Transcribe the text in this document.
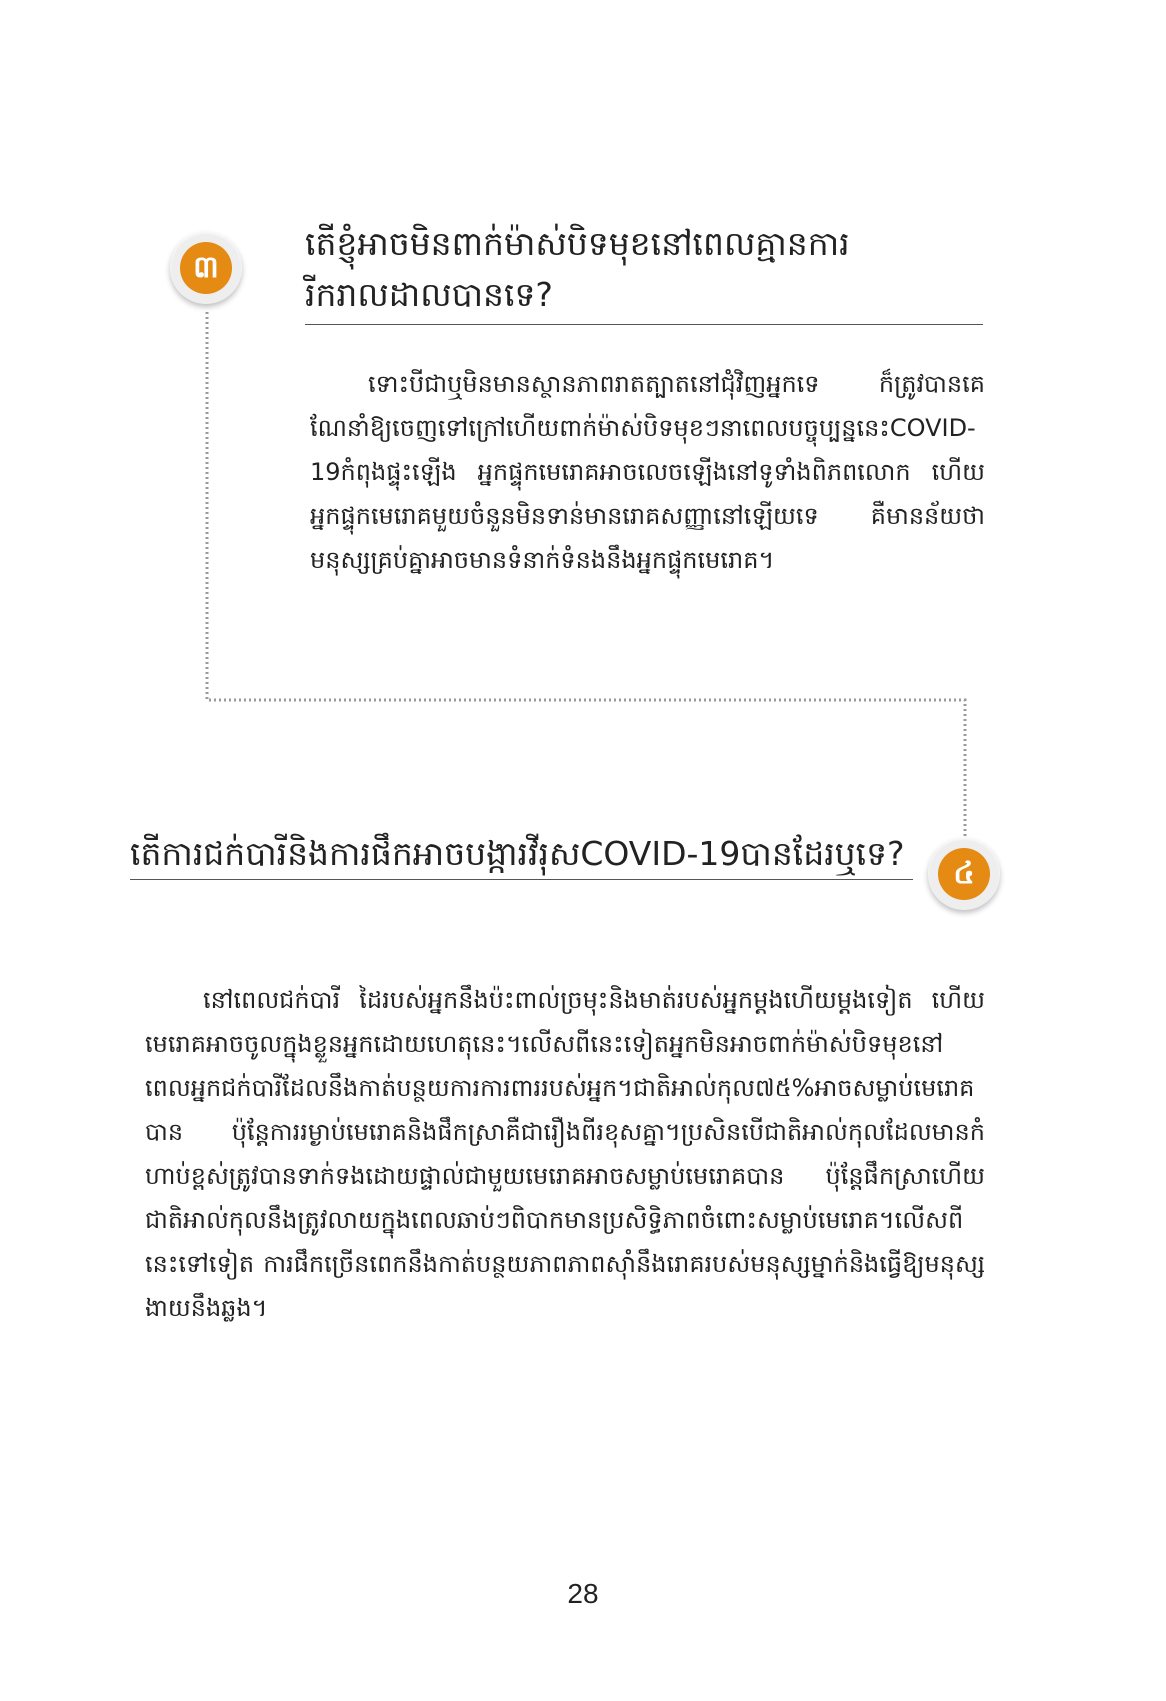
៣
តើខ្ញុំអាចមិនពាក់ម៉ាស់បិទមុខនៅពេលគ្មានការរីករាលដាលបានទេ?

ទោះបីជាឬមិនមានស្ថានភាពរាតត្បាតនៅជុំវិញអ្នកទេ ក៏ត្រូវបានគេណែនាំឱ្យចេញទៅក្រៅហើយពាក់ម៉ាស់បិទមុខៗនាពេលបច្ចុប្បន្ននេះCOVID-19កំពុងផ្ទុះឡើង អ្នកផ្ទុកមេរោគអាចលេចឡើងនៅទូទាំងពិភពលោក ហើយអ្នកផ្ទុកមេរោគមួយចំនួនមិនទាន់មានរោគសញ្ញានៅឡើយទេ គឺមានន័យថាមនុស្សគ្រប់គ្នាអាចមានទំនាក់ទំនងនឹងអ្នកផ្ទុកមេរោគ។

តើការជក់បារីនិងការផឹកអាចបង្ការវីរុសCOVID-19បានដែរឬទេ?
៤

នៅពេលជក់បារី ដៃរបស់អ្នកនឹងប៉ះពាល់ច្រមុះនិងមាត់របស់អ្នកម្តងហើយម្តងទៀត ហើយមេរោគអាចចូលក្នុងខ្លួនអ្នកដោយហេតុនេះ។លើសពីនេះទៀតអ្នកមិនអាចពាក់ម៉ាស់បិទមុខនៅពេលអ្នកជក់បារីដែលនឹងកាត់បន្ថយការការពាររបស់អ្នក។ជាតិអាល់កុល៧៥%អាចសម្លាប់មេរោគបាន ប៉ុន្តែការរម្ងាប់មេរោគនិងផឹកស្រាគឺជារឿងពីរខុសគ្នា។ប្រសិនបើជាតិអាល់កុលដែលមានកំហាប់ខ្ពស់ត្រូវបានទាក់ទងដោយផ្ទាល់ជាមួយមេរោគអាចសម្លាប់មេរោគបាន ប៉ុន្តែផឹកស្រាហើយ ជាតិអាល់កុលនឹងត្រូវលាយក្នុងពេលឆាប់ៗពិបាកមានប្រសិទ្ធិភាពចំពោះសម្លាប់មេរោគ។លើសពីនេះទៅទៀត ការផឹកច្រើនពេកនឹងកាត់បន្ថយភាពភាពស៊ាំនឹងរោគរបស់មនុស្សម្នាក់និងធ្វើឱ្យមនុស្សងាយនឹងឆ្លង។

28
